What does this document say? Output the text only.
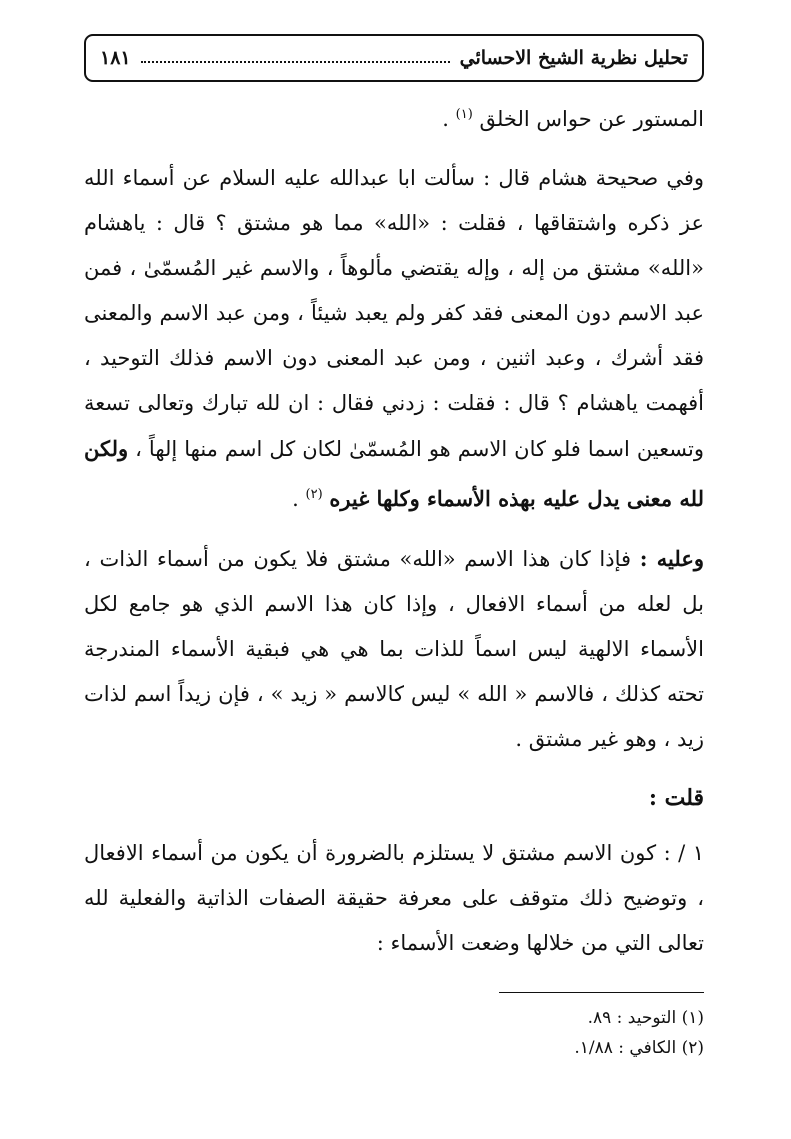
تحليل نظرية الشيخ الاحسائي
١٨١

المستور عن حواس الخلق $^{(١)}$ .

وفي صحيحة هشام قال : سألت ابا عبدالله عليه السلام عن أسماء الله عز ذكره واشتقاقها ، فقلت : «الله» مما هو مشتق ؟ قال : ياهشام «الله» مشتق من إله ، وإله يقتضي مألوهاً ، والاسم غير المُسمّىٰ ، فمن عبد الاسم دون المعنى فقد كفر ولم يعبد شيئاً ، ومن عبد الاسم والمعنى فقد أشرك ، وعبد اثنين ، ومن عبد المعنى دون الاسم فذلك التوحيد ، أفهمت ياهشام ؟ قال : فقلت : زدني فقال : ان لله تبارك وتعالى تسعة وتسعين اسما فلو كان الاسم هو المُسمّىٰ لكان كل اسم منها إلهاً ، ولكن لله معنى يدل عليه بهذه الأسماء وكلها غيره $^{(٢)}$ .

وعليه : فإذا كان هذا الاسم «الله» مشتق فلا يكون من أسماء الذات ، بل لعله من أسماء الافعال ، وإذا كان هذا الاسم الذي هو جامع لكل الأسماء الالهية ليس اسماً للذات بما هي هي فبقية الأسماء المندرجة تحته كذلك ، فالاسم « الله » ليس كالاسم « زيد » ، فإن زيداً اسم لذات زيد ، وهو غير مشتق .

قلت :

١ / : كون الاسم مشتق لا يستلزم بالضرورة أن يكون من أسماء الافعال ، وتوضيح ذلك متوقف على معرفة حقيقة الصفات الذاتية والفعلية لله تعالى التي من خلالها وضعت الأسماء :

(١) التوحيد : ٨٩.
(٢) الكافي : ١/٨٨.
